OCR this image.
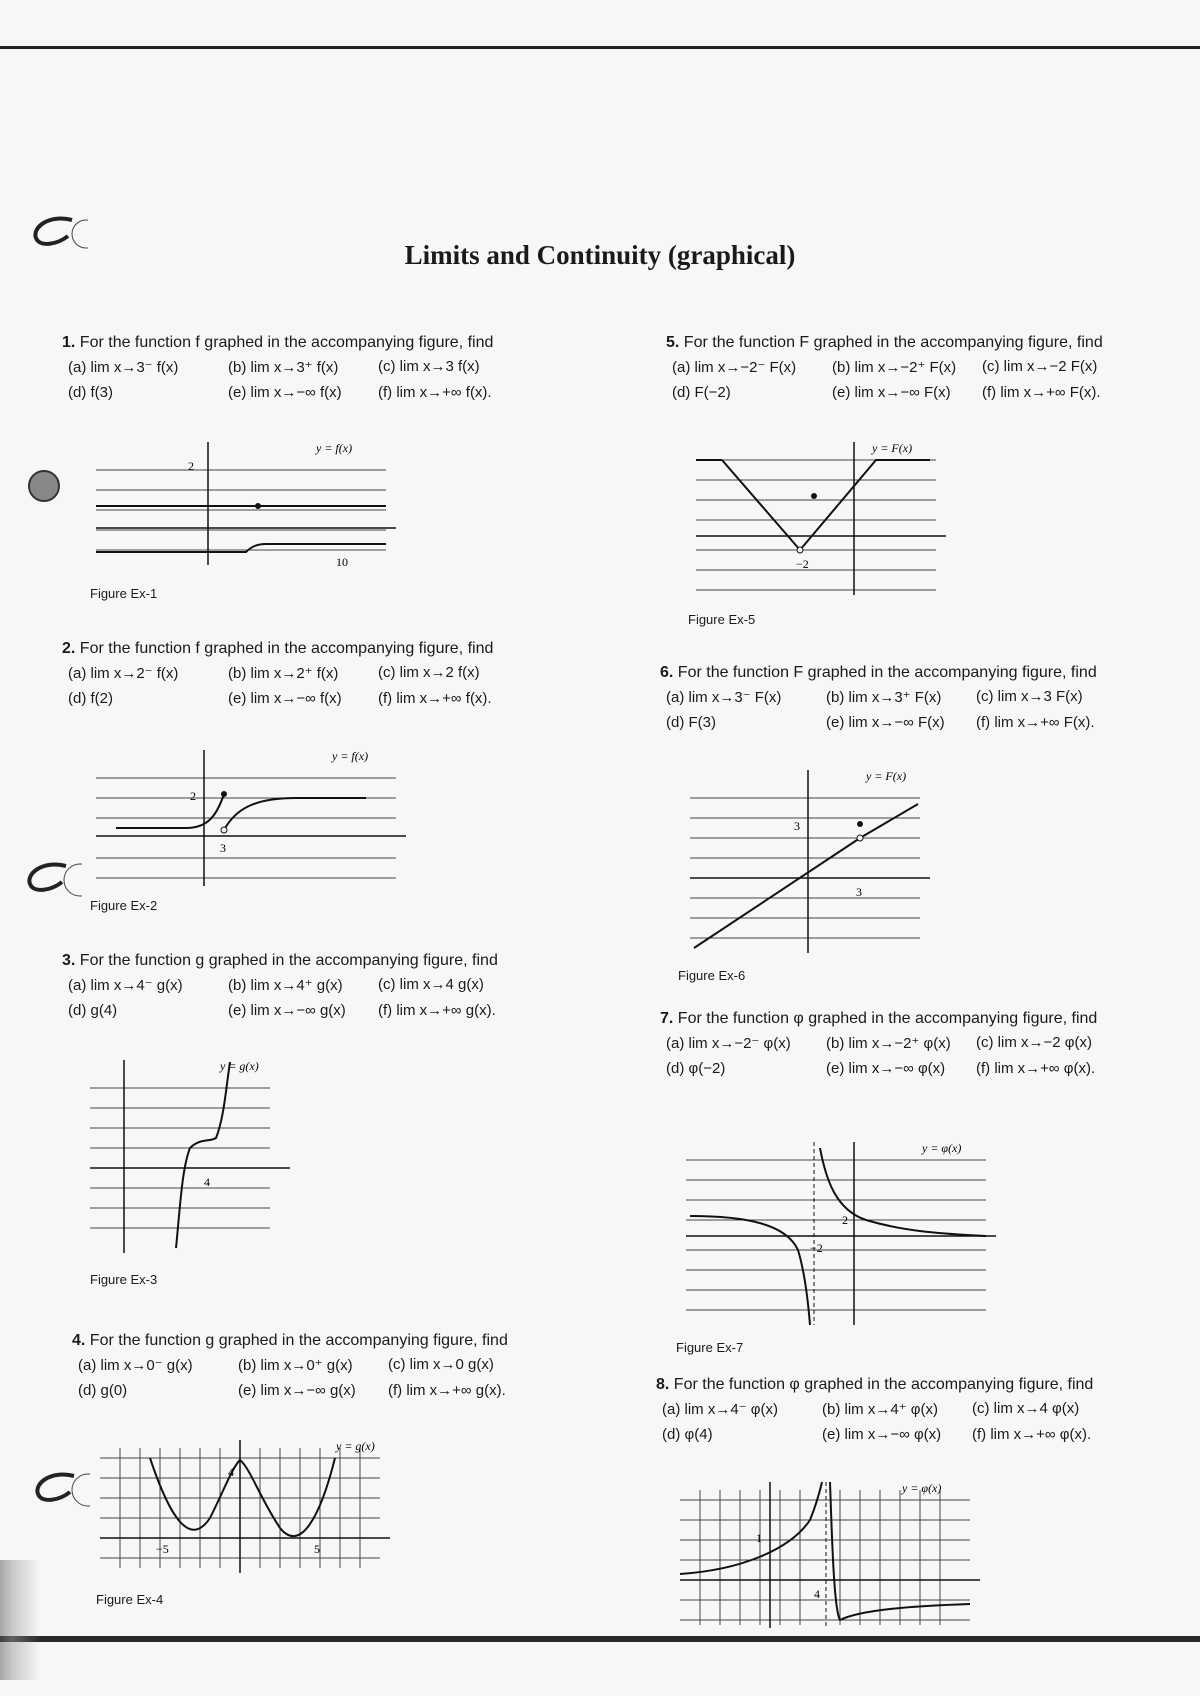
Limits and Continuity (graphical)
1. For the function f graphed in the accompanying figure, find
(a) lim x→3⁻ f(x)	(b) lim x→3⁺ f(x)	(c) lim x→3 f(x)
(d) f(3)	(e) lim x→−∞ f(x)	(f) lim x→+∞ f(x).
2. For the function f graphed in the accompanying figure, find
(a) lim x→2⁻ f(x)	(b) lim x→2⁺ f(x)	(c) lim x→2 f(x)
(d) f(2)	(e) lim x→−∞ f(x)	(f) lim x→+∞ f(x).
3. For the function g graphed in the accompanying figure, find
(a) lim x→4⁻ g(x)	(b) lim x→4⁺ g(x)	(c) lim x→4 g(x)
(d) g(4)	(e) lim x→−∞ g(x)	(f) lim x→+∞ g(x).
4. For the function g graphed in the accompanying figure, find
(a) lim x→0⁻ g(x)	(b) lim x→0⁺ g(x)	(c) lim x→0 g(x)
(d) g(0)	(e) lim x→−∞ g(x)	(f) lim x→+∞ g(x).
5. For the function F graphed in the accompanying figure, find
(a) lim x→−2⁻ F(x)	(b) lim x→−2⁺ F(x)	(c) lim x→−2 F(x)
(d) F(−2)	(e) lim x→−∞ F(x)	(f) lim x→+∞ F(x).
6. For the function F graphed in the accompanying figure, find
(a) lim x→3⁻ F(x)	(b) lim x→3⁺ F(x)	(c) lim x→3 F(x)
(d) F(3)	(e) lim x→−∞ F(x)	(f) lim x→+∞ F(x).
7. For the function φ graphed in the accompanying figure, find
(a) lim x→−2⁻ φ(x)	(b) lim x→−2⁺ φ(x)	(c) lim x→−2 φ(x)
(d) φ(−2)	(e) lim x→−∞ φ(x)	(f) lim x→+∞ φ(x).
8. For the function φ graphed in the accompanying figure, find
(a) lim x→4⁻ φ(x)	(b) lim x→4⁺ φ(x)	(c) lim x→4 φ(x)
(d) φ(4)	(e) lim x→−∞ φ(x)	(f) lim x→+∞ φ(x).
2
10
y = f(x)
Figure Ex-1
2
3
y = f(x)
Figure Ex-2
4
y = g(x)
Figure Ex-3
4
−5	5
y = g(x)
Figure Ex-4
−2
y = F(x)
Figure Ex-5
3
3
y = F(x)
Figure Ex-6
2
−2
y = φ(x)
Figure Ex-7
1
4
y = φ(x)
